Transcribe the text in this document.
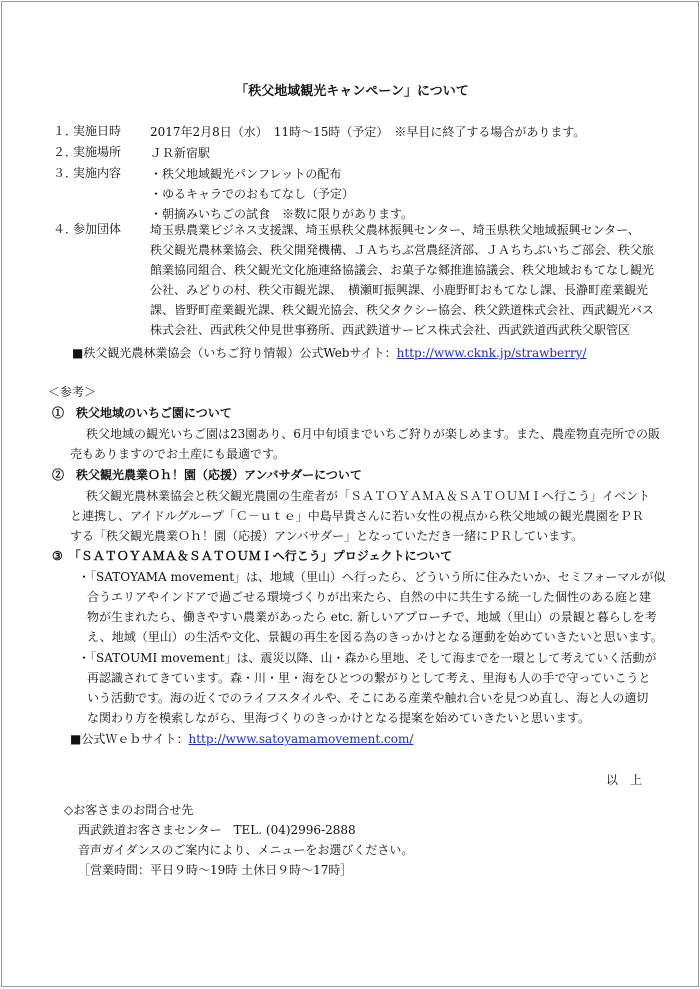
「秩父地域観光キャンペーン」について
１．
実施日時	2017年2月8日（水）　11時～15時（予定）　※早目に終了する場合があります。
２．
実施場所	ＪＲ新宿駅
３．
実施内容	・秩父地域観光パンフレットの配布
・ゆるキャラでのおもてなし（予定）
・朝摘みいちごの試食　※数に限りがあります。
４．
参加団体	埼玉県農業ビジネス支援課、埼玉県秩父農林振興センター、埼玉県秩父地域振興センター、
秩父観光農林業協会、秩父開発機構、ＪＡちちぶ営農経済部、ＪＡちちぶいちご部会、秩父旅
館業協同組合、秩父観光文化施連絡協議会、お菓子な郷推進協議会、秩父地域おもてなし観光
公社、みどりの村、秩父市観光課、　横瀬町振興課、小鹿野町おもてなし課、長瀞町産業観光
課、皆野町産業観光課、秩父観光協会、秩父タクシー協会、秩父鉄道株式会社、西武観光バス
株式会社、西武秩父仲見世事務所、西武鉄道サービス株式会社、西武鉄道西武秩父駅管区
■秩父観光農林業協会（いちご狩り情報）公式Webサイト：http://www.cknk.jp/strawberry/
＜参考＞
①　秩父地域のいちご園について
秩父地域の観光いちご園は23園あり、6月中旬頃までいちご狩りが楽しめます。また、農産物直売所での販
売もありますのでお土産にも最適です。
②　秩父観光農業Ｏｈ！園（応援）アンバサダーについて
秩父観光農林業協会と秩父観光農園の生産者が「ＳＡＴＯＹＡＭＡ＆ＳＡＴＯＵＭＩへ行こう」イベント
と連携し、アイドルグループ「Ｃ－ｕｔｅ」中島早貴さんに若い女性の視点から秩父地域の観光農園をＰＲ
する「秩父観光農業Ｏｈ！園（応援）アンバサダー」となっていただき一緒にＰＲしています。
③　「ＳＡＴＯＹＡＭＡ＆ＳＡＴＯＵＭＩへ行こう」プロジェクトについて
・「SATOYAMA movement」は、地域（里山）へ行ったら、どういう所に住みたいか、セミフォーマルが似
合うエリアやインドアで過ごせる環境づくりが出来たら、自然の中に共生する統一した個性のある庭と建
物が生まれたら、働きやすい農業があったら etc. 新しいアプローチで、地域（里山）の景観と暮らしを考
え、地域（里山）の生活や文化、景観の再生を図る為のきっかけとなる運動を始めていきたいと思います。
・「SATOUMI movement」は、震災以降、山・森から里地、そして海までを一環として考えていく活動が
再認識されてきています。森・川・里・海をひとつの繋がりとして考え、里海も人の手で守っていこうと
いう活動です。海の近くでのライフスタイルや、そこにある産業や触れ合いを見つめ直し、海と人の適切
な関わり方を模索しながら、里海づくりのきっかけとなる提案を始めていきたいと思います。
■公式Ｗｅｂサイト：http://www.satoyamamovement.com/
以　上
◇お客さまのお問合せ先
西武鉄道お客さまセンター　TEL. (04)2996-2888
音声ガイダンスのご案内により、メニューをお選びください。
［営業時間：平日９時～19時 土休日９時～17時］
